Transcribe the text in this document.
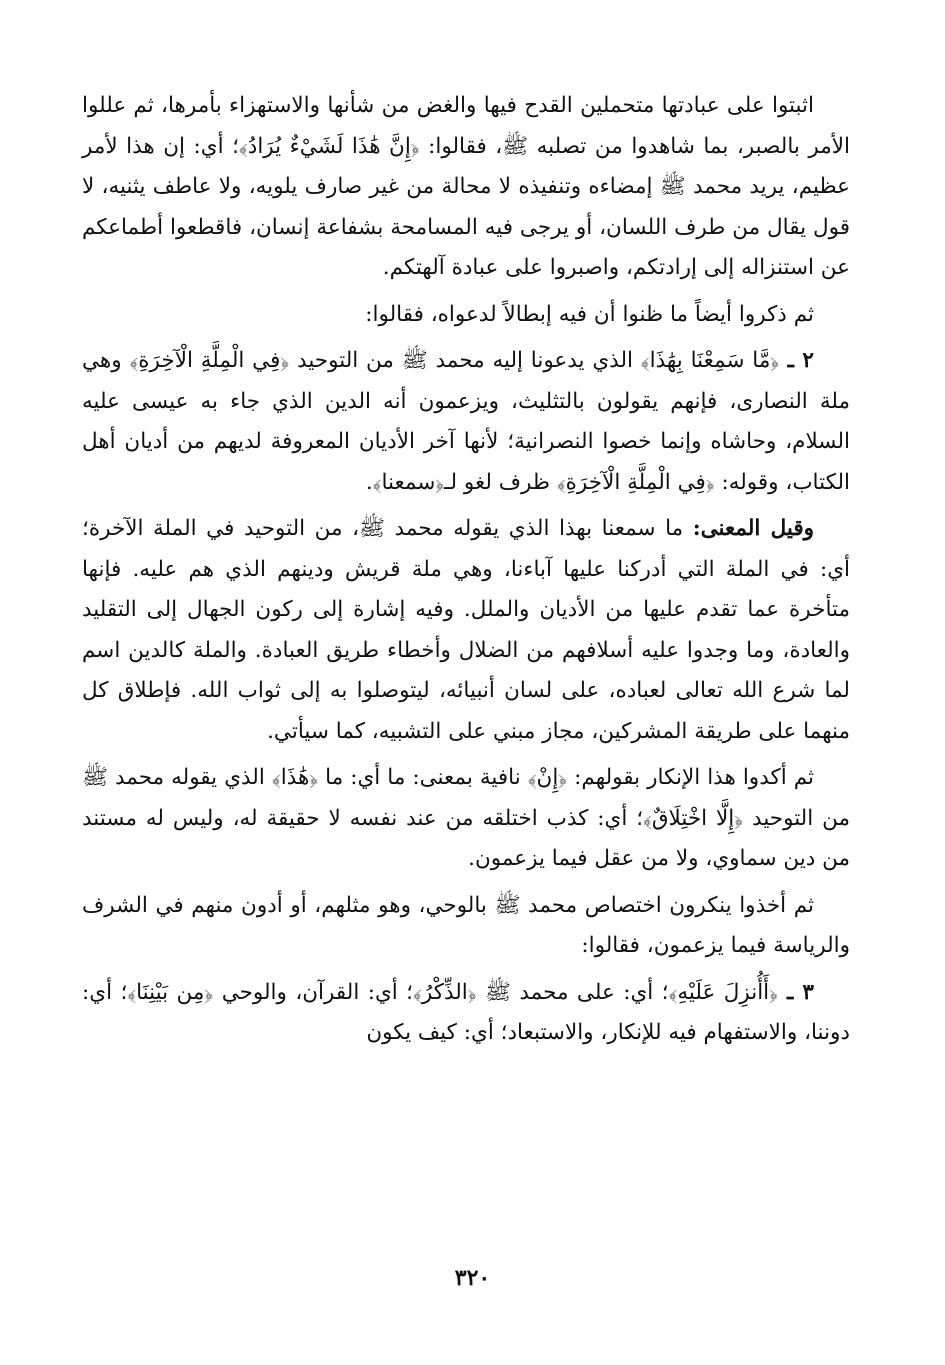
اثبتوا على عبادتها متحملين القدح فيها والغض من شأنها والاستهزاء بأمرها، ثم عللوا الأمر بالصبر، بما شاهدوا من تصلبه ﷺ، فقالوا: ﴿إِنَّ هَٰذَا لَشَيْءٌ يُرَادُ﴾؛ أي: إن هذا لأمر عظيم، يريد محمد ﷺ إمضاءه وتنفيذه لا محالة من غير صارف يلويه، ولا عاطف يثنيه، لا قول يقال من طرف اللسان، أو يرجى فيه المسامحة بشفاعة إنسان، فاقطعوا أطماعكم عن استنزاله إلى إرادتكم، واصبروا على عبادة آلهتكم.

ثم ذكروا أيضاً ما ظنوا أن فيه إبطالاً لدعواه، فقالوا:

٢ ـ ﴿مَّا سَمِعْنَا بِهَٰذَا﴾ الذي يدعونا إليه محمد ﷺ من التوحيد ﴿فِي الْمِلَّةِ الْآخِرَةِ﴾ وهي ملة النصارى، فإنهم يقولون بالتثليث، ويزعمون أنه الدين الذي جاء به عيسى عليه السلام، وحاشاه وإنما خصوا النصرانية؛ لأنها آخر الأديان المعروفة لديهم من أديان أهل الكتاب، وقوله: ﴿فِي الْمِلَّةِ الْآخِرَةِ﴾ ظرف لغو لـ﴿سمعنا﴾.

وقيل المعنى: ما سمعنا بهذا الذي يقوله محمد ﷺ، من التوحيد في الملة الآخرة؛ أي: في الملة التي أدركنا عليها آباءنا، وهي ملة قريش ودينهم الذي هم عليه. فإنها متأخرة عما تقدم عليها من الأديان والملل. وفيه إشارة إلى ركون الجهال إلى التقليد والعادة، وما وجدوا عليه أسلافهم من الضلال وأخطاء طريق العبادة. والملة كالدين اسم لما شرع الله تعالى لعباده، على لسان أنبيائه، ليتوصلوا به إلى ثواب الله. فإطلاق كل منهما على طريقة المشركين، مجاز مبني على التشبيه، كما سيأتي.

ثم أكدوا هذا الإنكار بقولهم: ﴿إِنْ﴾ نافية بمعنى: ما أي: ما ﴿هَٰذَا﴾ الذي يقوله محمد ﷺ من التوحيد ﴿إِلَّا اخْتِلَاقٌ﴾؛ أي: كذب اختلقه من عند نفسه لا حقيقة له، وليس له مستند من دين سماوي، ولا من عقل فيما يزعمون.

ثم أخذوا ينكرون اختصاص محمد ﷺ بالوحي، وهو مثلهم، أو أدون منهم في الشرف والرياسة فيما يزعمون، فقالوا:

٣ ـ ﴿أَأُنزِلَ عَلَيْهِ﴾؛ أي: على محمد ﷺ ﴿الذِّكْرُ﴾؛ أي: القرآن، والوحي ﴿مِن بَيْنِنَا﴾؛ أي: دوننا، والاستفهام فيه للإنكار، والاستبعاد؛ أي: كيف يكون

٣٢٠
